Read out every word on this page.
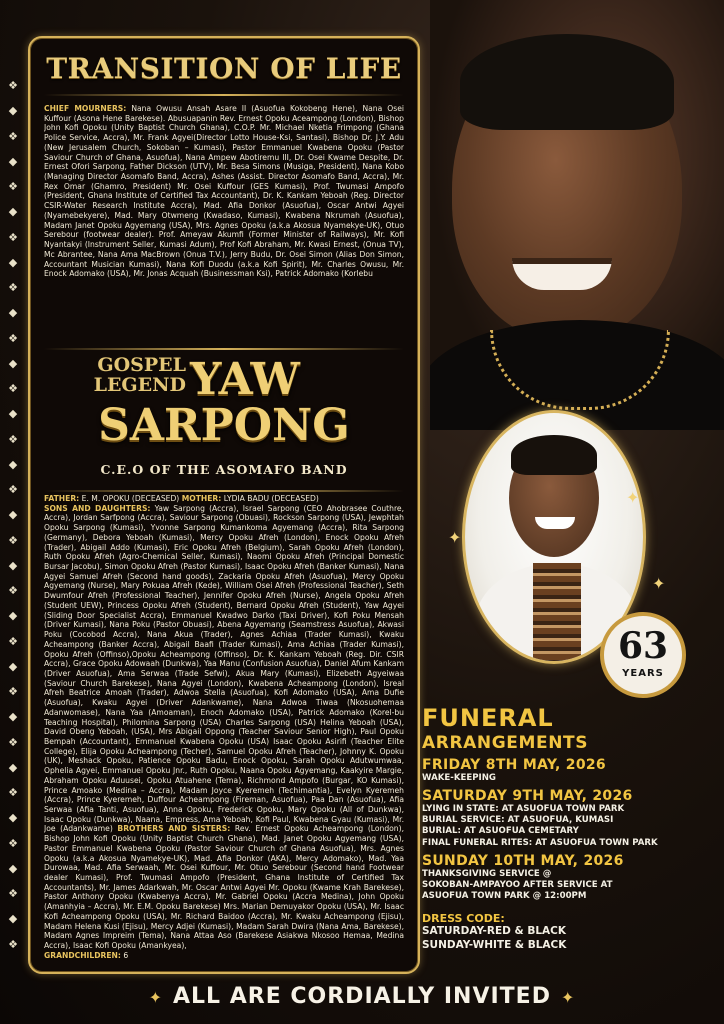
❖
◆
❖
◆
❖
◆
❖
◆
❖
◆
❖
◆
❖
◆
❖
◆
❖
◆
❖
◆
❖
◆
❖
◆
❖
◆
❖
◆
❖
◆
❖
◆
❖
◆
❖
TRANSITION OF LIFE
CHIEF MOURNERS: Nana Owusu Ansah Asare II (Asuofua Kokobeng Hene), Nana Osei Kuffour (Asona Hene Barekese). Abusuapanin Rev. Ernest Opoku Aceampong (London), Bishop John Kofi Opoku (Unity Baptist Church Ghana), C.O.P. Mr. Michael Nketia Frimpong (Ghana Police Service, Accra), Mr. Frank Agyei(Director Lotto House-Ksi, Santasi), Bishop Dr. J.Y. Adu (New Jerusalem Church, Sokoban – Kumasi), Pastor Emmanuel Kwabena Opoku (Pastor Saviour Church of Ghana, Asuofua), Nana Ampew Abotiremu III, Dr. Osei Kwame Despite, Dr. Ernest Ofori Sarpong, Father Dickson (UTV), Mr. Besa Simons (Musiga, President), Nana Kobo (Managing Director Asomafo Band, Accra), Ashes (Assist. Director Asomafo Band, Accra), Mr. Rex Omar (Ghamro, President) Mr. Osei Kuffour (GES Kumasi), Prof. Twumasi Ampofo (President, Ghana Institute of Certified Tax Accountant), Dr. K. Kankam Yeboah (Reg. Director CSIR-Water Research Institute Accra), Mad. Afia Donkor (Asuofua), Oscar Antwi Agyei (Nyamebekyere), Mad. Mary Otwmeng (Kwadaso, Kumasi), Kwabena Nkrumah (Asuofua), Madam Janet Opoku Agyemang (USA), Mrs. Agnes Opoku (a.k.a Akosua Nyamekye-UK), Otuo Serebour (footwear dealer). Prof. Ameyaw Akumfi (Former Minister of Railways), Mr. Kofi Nyantakyi (Instrument Seller, Kumasi Adum), Prof Kofi Abraham, Mr. Kwasi Ernest, (Onua TV), Mc Abrantee, Nana Ama MacBrown (Onua T.V.), Jerry Budu, Dr. Osei Simon (Alias Don Simon, Accountant Musician Kumasi), Nana Kofi Duodu (a.k.a Kofi Spirit), Mr. Charles Owusu, Mr. Enock Adomako (USA), Mr. Jonas Acquah (Businessman Ksi), Patrick Adomako (Korlebu
GOSPEL
LEGEND YAW
SARPONG
C.E.O OF THE ASOMAFO BAND
FATHER: E. M. OPOKU (DECEASED) MOTHER: LYDIA BADU (DECEASED)
SONS AND DAUGHTERS: Yaw Sarpong (Accra), Israel Sarpong (CEO Ahobrasee Couthre, Accra), Jordan Sarfpong (Accra), Saviour Sarpong (Obuasi), Rockson Sarpong (USA), Jewphtah Opoku Sarpong (Kumasi), Yvonne Sarpong Kumankoma Agyemang (Accra), Rita Sarpong (Germany), Debora Yeboah (Kumasi), Mercy Opoku Afreh (London), Enock Opoku Afreh (Trader), Abigail Addo (Kumasi), Eric Opoku Afreh (Belgium), Sarah Opoku Afreh (London), Ruth Opoku Afreh (Agro-Chemical Seller, Kumasi), Naomi Opoku Afreh (Principal Domestic Bursar Jacobu), Simon Opoku Afreh (Pastor Kumasi), Isaac Opoku Afreh (Banker Kumasi), Nana Agyei Samuel Afreh (Second hand goods), Zackaria Opoku Afreh (Asuofua), Mercy Opoku Agyemang (Nurse), Mary Pokuaa Afreh (Kede), William Osei Afreh (Professional Teacher), Seth Dwumfour Afreh (Professional Teacher), Jennifer Opoku Afreh (Nurse), Angela Opoku Afreh (Student UEW), Princess Opoku Afreh (Student), Bernard Opoku Afreh (Student), Yaw Agyei (Sliding Door Specialist Accra), Emmanuel Kwadwo Darko (Taxi Driver), Kofi Poku Mensah (Driver Kumasi), Nana Poku (Pastor Obuasi), Abena Agyemang (Seamstress Asuofua), Akwasi Poku (Cocobod Accra), Nana Akua (Trader), Agnes Achiaa (Trader Kumasi), Kwaku Acheampong (Banker Accra), Abigail Baafi (Trader Kumasi), Ama Achiaa (Trader Kumasi), Opoku Afreh (Offinso),Opoku Acheampong (Offinso), Dr. K. Kankam Yeboah (Reg. Dir. CSIR Accra), Grace Opoku Adowaah (Dunkwa), Yaa Manu (Confusion Asuofua), Daniel Afum Kankam (Driver Asuofua), Ama Serwaa (Trade Sefwi), Akua Mary (Kumasi), Elizebeth Agyeiwaa (Saviour Church Barekese), Nana Agyei (London), Kwabena Acheampong (London), Isreal Afreh Beatrice Amoah (Trader), Adwoa Stella (Asuofua), Kofi Adomako (USA), Ama Dufie (Asuofua), Kwaku Agyei (Driver Adankwame), Nana Adwoa Tiwaa (Nkosuohemaa Adanwomase), Nana Yaa (Amoaman), Enoch Adomako (USA), Patrick Adomako (Korel-bu Teaching Hospital), Philomina Sarpong (USA) Charles Sarpong (USA) Helina Yeboah (USA), David Obeng Yeboah, (USA), Mrs Abigail Oppong (Teacher Saviour Senior High), Paul Opoku Bempah (Accountant), Emmanuel Kwabena Opoku (USA) Isaac Opoku Asirifi (Teacher Elite College), Elija Opoku Acheampong (Techer), Samuel Opoku Afreh (Teacher), Johnny K. Opoku (UK), Meshack Opoku, Patience Opoku Badu, Enock Opoku, Sarah Opoku Adutwumwaa, Ophelia Agyei, Emmanuel Opoku Jnr., Ruth Opoku, Naana Opoku Agyemang, Kaakyire Margie, Abraham Opoku Aduusei, Opoku Atuahene (Tema), Richmond Ampofo (Burgar, KO Kumasi), Prince Amoako (Medina – Accra), Madam Joyce Kyeremeh (Techimantia), Evelyn Kyeremeh (Accra), Prince Kyeremeh, Duffour Acheampong (Fireman, Asuofua), Paa Dan (Asuofua), Afia Serwaa (Afia Tanti, Asuofua), Anna Opoku, Frederick Opoku, Mary Opoku (All of Dunkwa), Isaac Opoku (Dunkwa), Naana, Empress, Ama Yeboah, Kofi Paul, Kwabena Gyau (Kumasi), Mr. Joe (Adankwame) BROTHERS AND SISTERS: Rev. Ernest Opoku Acheampong (London), Bishop John Kofi Opoku (Unity Baptist Church Ghana), Mad. Janet Opoku Agyemang (USA), Pastor Emmanuel Kwabena Opoku (Pastor Saviour Church of Ghana Asuofua), Mrs. Agnes Opoku (a.k.a Akosua Nyamekye-UK), Mad. Afia Donkor (AKA), Mercy Adomako), Mad. Yaa Durowaa, Mad. Afia Serwaah, Mr. Osei Kuffour, Mr. Otuo Serebour (Second hand Footwear dealer Kumasi), Prof. Twumasi Ampofo (President, Ghana Institute of Certified Tax Accountants), Mr. James Adarkwah, Mr. Oscar Antwi Agyei Mr. Opoku (Kwame Krah Barekese), Pastor Anthony Opoku (Kwabenya Accra), Mr. Gabriel Opoku (Accra Medina), John Opoku (Amanhyia – Accra), Mr. E.M. Opoku Barekese) Mrs. Marian Demuyakor Opoku (USA), Mr. Isaac Kofi Acheampong Opoku (USA), Mr. Richard Baidoo (Accra), Mr. Kwaku Acheampong (Ejisu), Madam Helena Kusi (Ejisu), Mercy Adjei (Kumasi), Madam Sarah Dwira (Nana Ama, Barekese), Madam Agnes Impreim (Tema), Nana Attaa Aso (Barekese Asiakwa Nkosoo Hemaa, Medina Accra), Isaac Kofi Opoku (Amankyea),
GRANDCHILDREN: 6
✦
✦
✦
63
YEARS
FUNERAL
ARRANGEMENTS
FRIDAY 8TH MAY, 2026
WAKE-KEEPING
SATURDAY 9TH MAY, 2026
LYING IN STATE: AT ASUOFUA TOWN PARK
BURIAL SERVICE: AT ASUOFUA, KUMASI
BURIAL: AT ASUOFUA CEMETARY
FINAL FUNERAL RITES: AT ASUOFUA TOWN PARK
SUNDAY 10TH MAY, 2026
THANKSGIVING SERVICE @
SOKOBAN-AMPAYOO AFTER SERVICE AT
ASUOFUA TOWN PARK @ 12:00PM
DRESS CODE:
SATURDAY-RED & BLACK
SUNDAY-WHITE & BLACK
✦ ALL ARE CORDIALLY INVITED ✦
